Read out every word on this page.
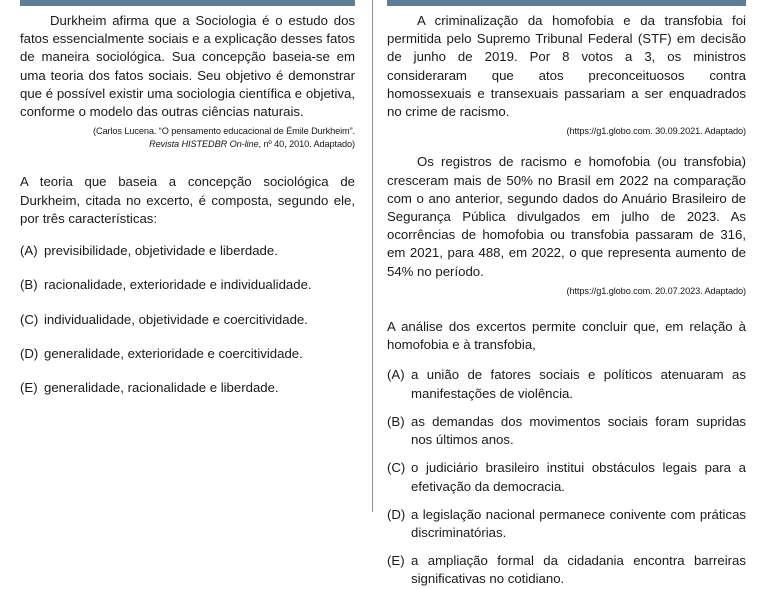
Durkheim afirma que a Sociologia é o estudo dos fatos essencialmente sociais e a explicação desses fatos de maneira sociológica. Sua concepção baseia-se em uma teoria dos fatos sociais. Seu objetivo é demonstrar que é possível existir uma sociologia científica e objetiva, conforme o modelo das outras ciências naturais.

(Carlos Lucena. “O pensamento educacional de Émile Durkheim”.
Revista HISTEDBR On-line, nº 40, 2010. Adaptado)

A teoria que baseia a concepção sociológica de Durkheim, citada no excerto, é composta, segundo ele, por três características:

(A) previsibilidade, objetividade e liberdade.
(B) racionalidade, exterioridade e individualidade.
(C) individualidade, objetividade e coercitividade.
(D) generalidade, exterioridade e coercitividade.
(E) generalidade, racionalidade e liberdade.

A criminalização da homofobia e da transfobia foi permitida pelo Supremo Tribunal Federal (STF) em decisão de junho de 2019. Por 8 votos a 3, os ministros consideraram que atos preconceituosos contra homossexuais e transexuais passariam a ser enquadrados no crime de racismo.

(https://g1.globo.com. 30.09.2021. Adaptado)

Os registros de racismo e homofobia (ou transfobia) cresceram mais de 50% no Brasil em 2022 na comparação com o ano anterior, segundo dados do Anuário Brasileiro de Segurança Pública divulgados em julho de 2023. As ocorrências de homofobia ou transfobia passaram de 316, em 2021, para 488, em 2022, o que representa aumento de 54% no período.

(https://g1.globo.com. 20.07.2023. Adaptado)

A análise dos excertos permite concluir que, em relação à homofobia e à transfobia,

(A) a união de fatores sociais e políticos atenuaram as manifestações de violência.
(B) as demandas dos movimentos sociais foram supridas nos últimos anos.
(C) o judiciário brasileiro institui obstáculos legais para a efetivação da democracia.
(D) a legislação nacional permanece conivente com práticas discriminatórias.
(E) a ampliação formal da cidadania encontra barreiras significativas no cotidiano.
